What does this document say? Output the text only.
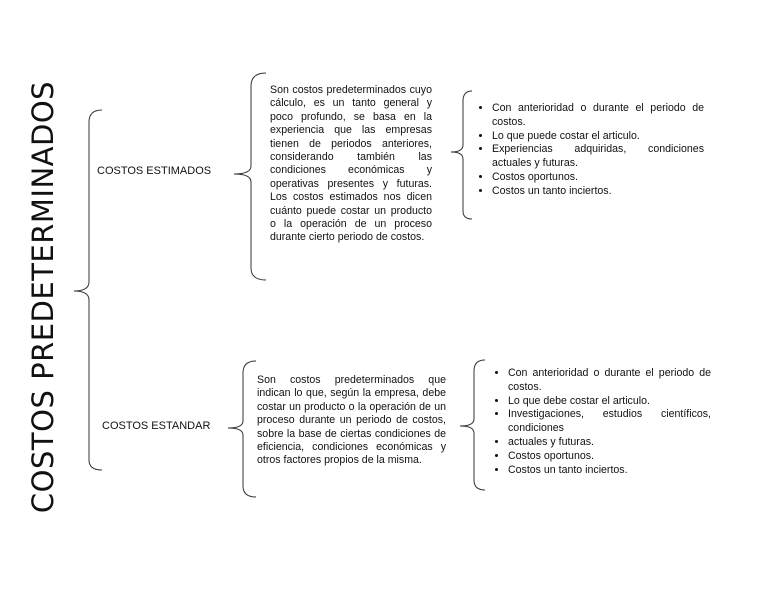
COSTOS PREDETERMINADOS	COSTOS ESTIMADOS
Son costos predeterminados cuyo cálculo, es un tanto general y poco profundo, se basa en la experiencia que las empresas tienen de periodos anteriores, considerando también las condiciones económicas y operativas presentes y futuras. Los costos estimados nos dicen cuánto puede costar un producto o la operación de un proceso durante cierto periodo de costos.
• Con anterioridad o durante el periodo de costos.
• Lo que puede costar el articulo.
• Experiencias adquiridas, condiciones actuales y futuras.
• Costos oportunos.
• Costos un tanto inciertos.
COSTOS ESTANDAR
Son costos predeterminados que indican lo que, según la empresa, debe costar un producto o la operación de un proceso durante un periodo de costos, sobre la base de ciertas condiciones de eficiencia, condiciones económicas y otros factores propios de la misma.
• Con anterioridad o durante el periodo de costos.
• Lo que debe costar el articulo.
• Investigaciones, estudios científicos, condiciones
• actuales y futuras.
• Costos oportunos.
• Costos un tanto inciertos.
